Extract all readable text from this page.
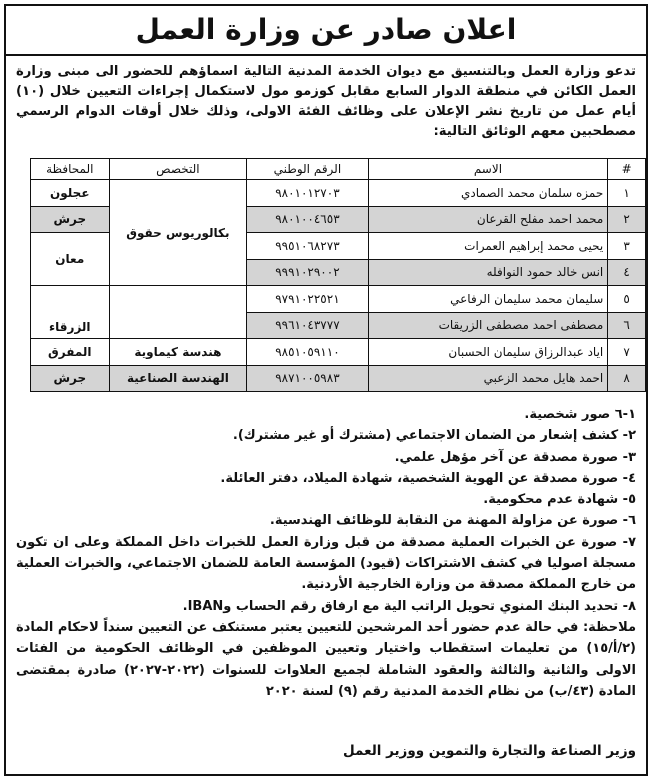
اعلان صادر عن وزارة العمل
تدعو وزارة العمل وبالتنسيق مع ديوان الخدمة المدنية التالية اسماؤهم للحضور الى مبنى وزارة العمل الكائن في منطقة الدوار السابع مقابل كوزمو مول لاستكمال إجراءات التعيين خلال (١٠) أيام عمل من تاريخ نشر الإعلان على وظائف الفئة الاولى، وذلك خلال أوقات الدوام الرسمي مصطحبين معهم الوثائق التالية:
#	الاسم	الرقم الوطني	التخصص	المحافظة
١	حمزه سلمان محمد الصمادي	٩٨٠١٠١٢٧٠٣	بكالوريوس حقوق	عجلون
٢	محمد احمد مفلح القرعان	٩٨٠١٠٠٤٦٥٣		جرش
٣	يحيى محمد إبراهيم العمرات	٩٩٥١٠٦٨٢٧٣		معان
٤	انس خالد حمود النوافله	٩٩٩١٠٢٩٠٠٢		
٥	سليمان محمد سليمان الرفاعي	٩٧٩١٠٢٢٥٢١		الزرقاء
٦	مصطفى احمد مصطفى الزريقات	٩٩٦١٠٤٣٧٧٧		
٧	اياد عبدالرزاق سليمان الحسبان	٩٨٥١٠٥٩١١٠	هندسة كيماوية	المفرق
٨	احمد هايل محمد الزعبي	٩٨٧١٠٠٥٩٨٣	الهندسة الصناعية	جرش

١-٦ صور شخصية.

٢- كشف إشعار من الضمان الاجتماعي (مشترك أو غير مشترك).

٣- صورة مصدقة عن آخر مؤهل علمي.

٤- صورة مصدقة عن الهوية الشخصية، شهادة الميلاد، دفتر العائلة.

٥- شهادة عدم محكومية.

٦- صورة عن مزاولة المهنة من النقابة للوظائف الهندسية.

٧- صورة عن الخبرات العملية مصدقة من قبل وزارة العمل للخبرات داخل المملكة وعلى ان تكون مسجلة اصوليا في كشف الاشتراكات (قيود) المؤسسة العامة للضمان الاجتماعي، والخبرات العملية من خارج المملكة مصدقة من وزارة الخارجية الأردنية.

٨- تحديد البنك المنوي تحويل الراتب الية مع ارفاق رقم الحساب وIBAN.

ملاحظة: في حالة عدم حضور أحد المرشحين للتعيين يعتبر مستنكف عن التعيين سنداً لاحكام المادة (٢/أ/١٥) من تعليمات استقطاب واختيار وتعيين الموظفين في الوظائف الحكومية من الفئات الاولى والثانية والثالثة والعقود الشاملة لجميع العلاوات للسنوات (٢٠٢٢-٢٠٢٧) صادرة بمقتضى المادة (٤٣/ب) من نظام الخدمة المدنية رقم (٩) لسنة ٢٠٢٠

وزير الصناعة والتجارة والتموين ووزير العمل
